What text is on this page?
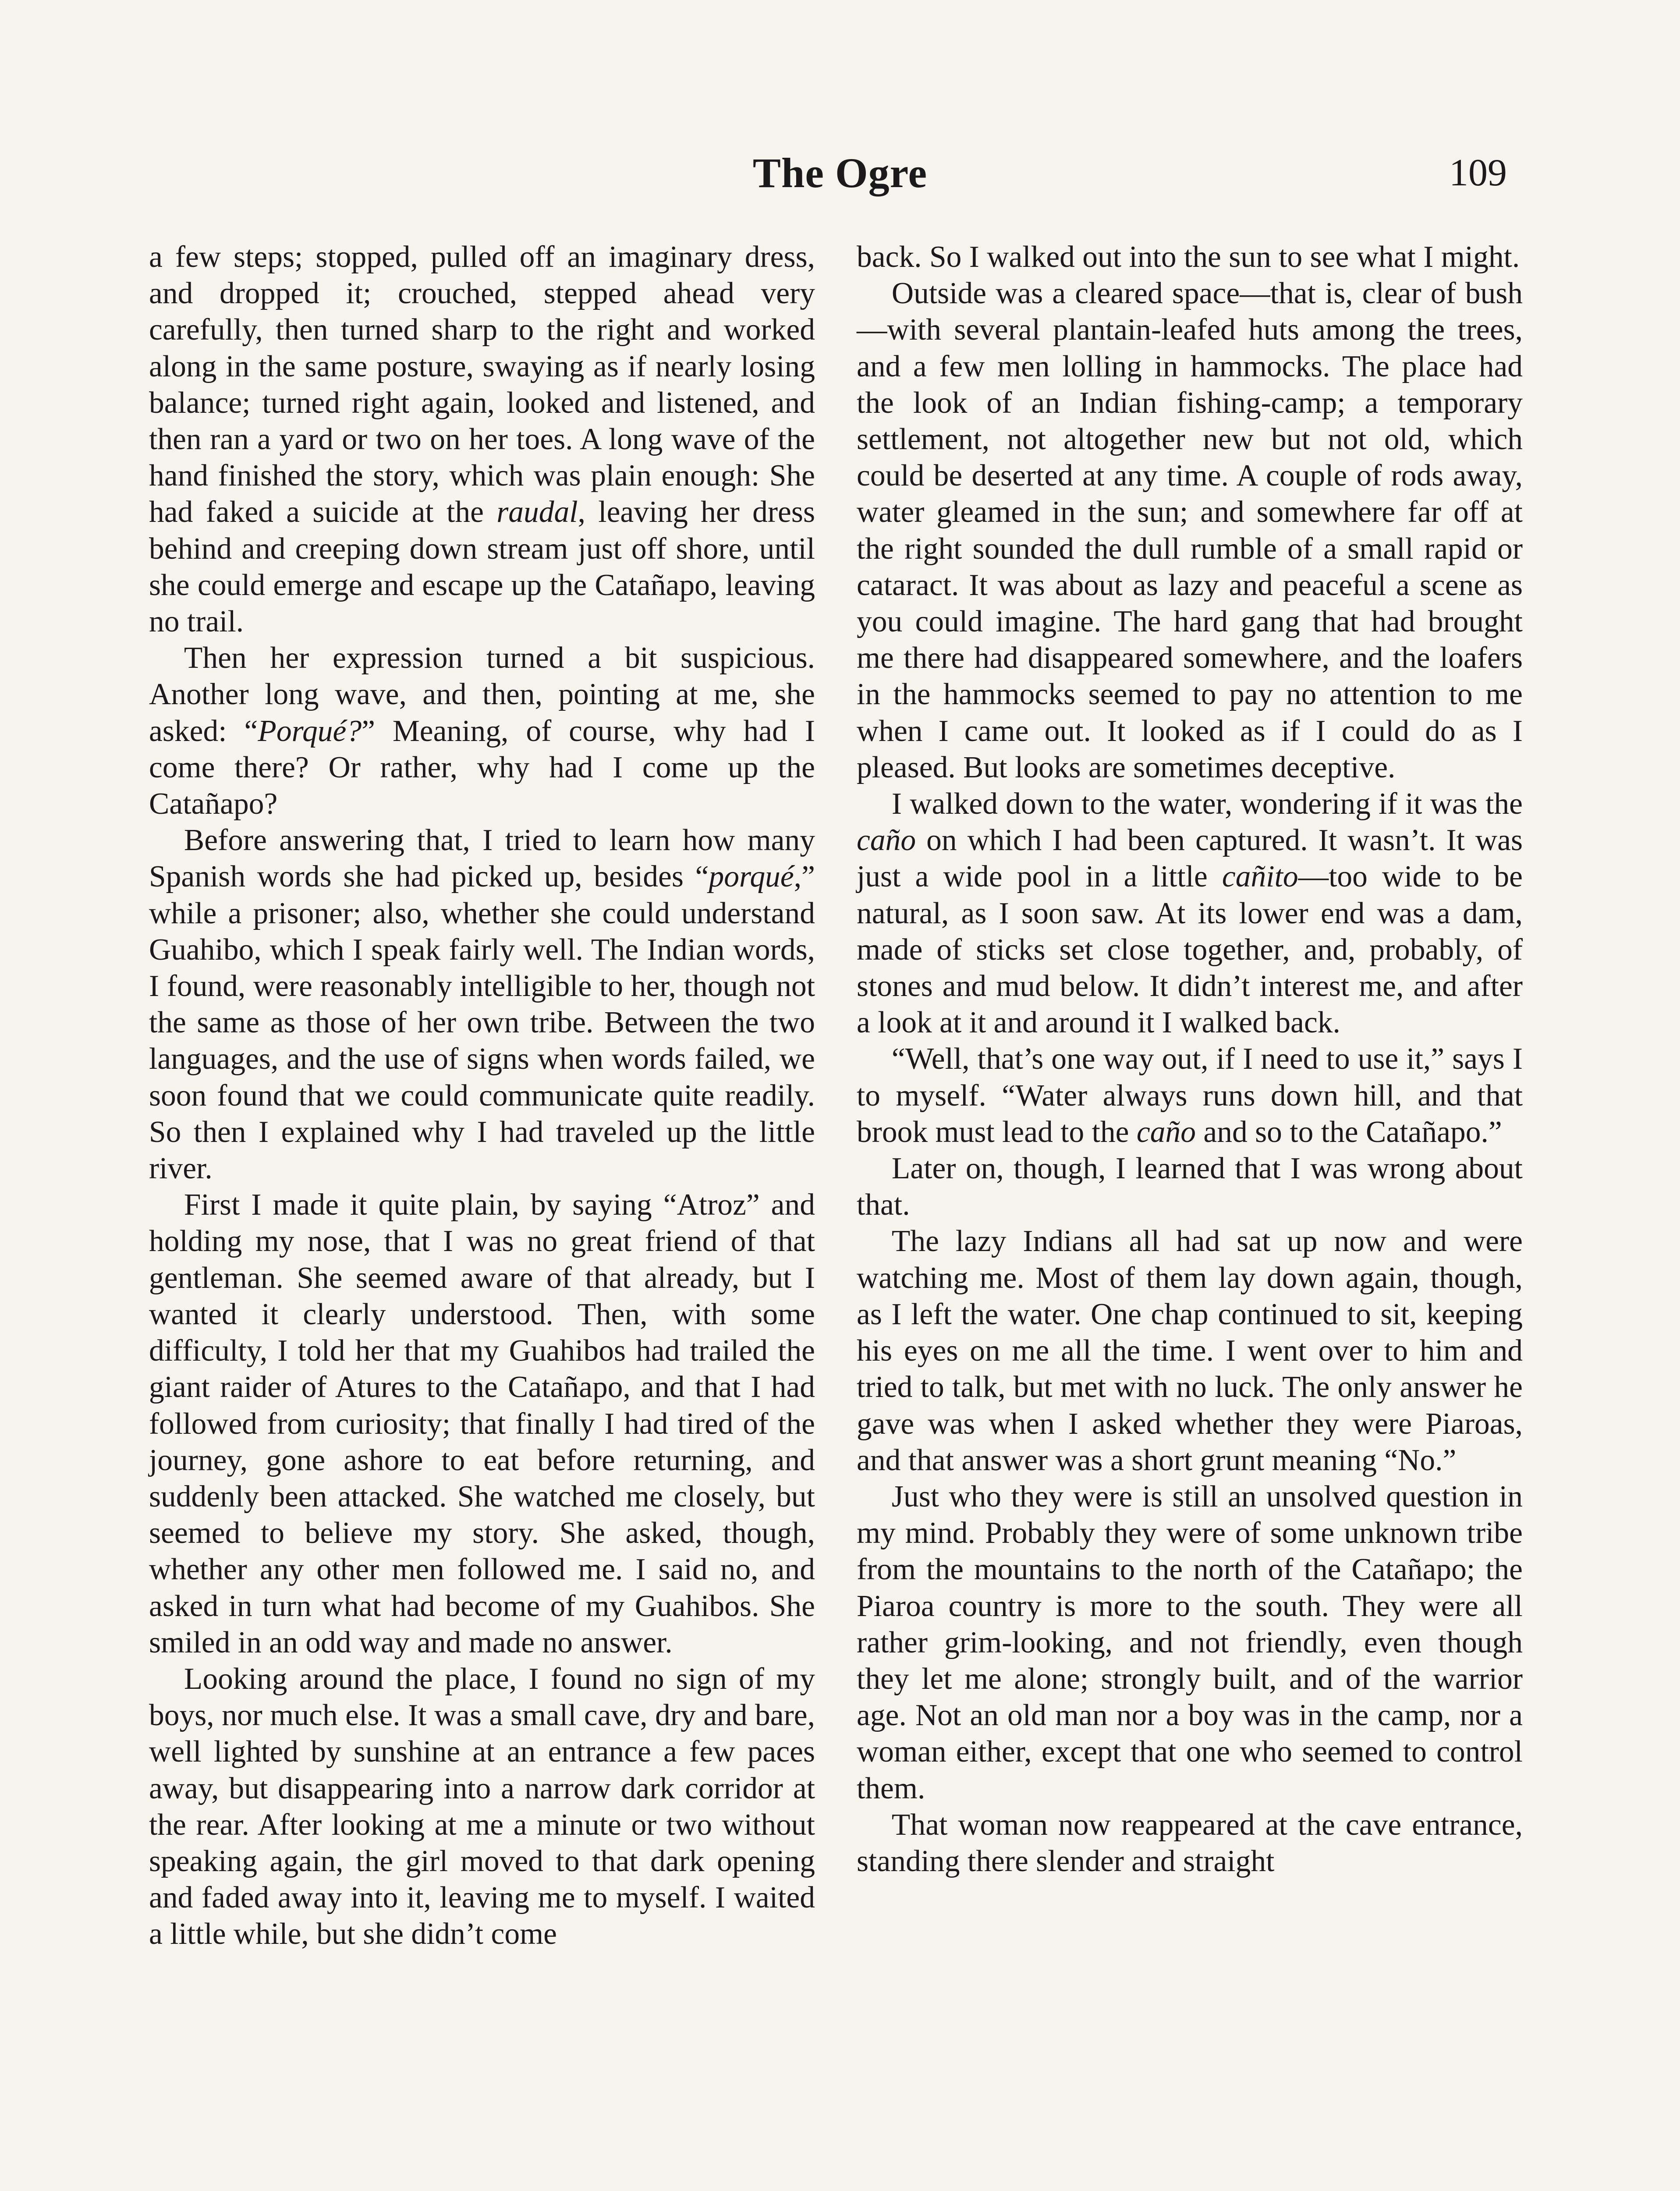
The Ogre	109

a few steps; stopped, pulled off an imaginary dress, and dropped it; crouched, stepped ahead very carefully, then turned sharp to the right and worked along in the same posture, swaying as if nearly losing balance; turned right again, looked and listened, and then ran a yard or two on her toes. A long wave of the hand finished the story, which was plain enough: She had faked a suicide at the raudal, leaving her dress behind and creeping down stream just off shore, until she could emerge and escape up the Catañapo, leaving no trail.

Then her expression turned a bit suspicious. Another long wave, and then, pointing at me, she asked: “Porqué?” Meaning, of course, why had I come there? Or rather, why had I come up the Catañapo?

Before answering that, I tried to learn how many Spanish words she had picked up, besides “porqué,” while a prisoner; also, whether she could understand Guahibo, which I speak fairly well. The Indian words, I found, were reasonably intelligible to her, though not the same as those of her own tribe. Between the two languages, and the use of signs when words failed, we soon found that we could communicate quite readily. So then I explained why I had traveled up the little river.

First I made it quite plain, by saying “Atroz” and holding my nose, that I was no great friend of that gentleman. She seemed aware of that already, but I wanted it clearly understood. Then, with some difficulty, I told her that my Guahibos had trailed the giant raider of Atures to the Catañapo, and that I had followed from curiosity; that finally I had tired of the journey, gone ashore to eat before returning, and suddenly been attacked. She watched me closely, but seemed to believe my story. She asked, though, whether any other men followed me. I said no, and asked in turn what had become of my Guahibos. She smiled in an odd way and made no answer.

Looking around the place, I found no sign of my boys, nor much else. It was a small cave, dry and bare, well lighted by sunshine at an entrance a few paces away, but disappearing into a narrow dark corridor at the rear. After looking at me a minute or two without speaking again, the girl moved to that dark opening and faded away into it, leaving me to myself. I waited a little while, but she didn’t come

back. So I walked out into the sun to see what I might.

Outside was a cleared space—that is, clear of bush—with several plantain-leafed huts among the trees, and a few men lolling in hammocks. The place had the look of an Indian fishing-camp; a temporary settlement, not altogether new but not old, which could be deserted at any time. A couple of rods away, water gleamed in the sun; and somewhere far off at the right sounded the dull rumble of a small rapid or cataract. It was about as lazy and peaceful a scene as you could imagine. The hard gang that had brought me there had disappeared somewhere, and the loafers in the hammocks seemed to pay no attention to me when I came out. It looked as if I could do as I pleased. But looks are sometimes deceptive.

I walked down to the water, wondering if it was the caño on which I had been captured. It wasn’t. It was just a wide pool in a little cañito—too wide to be natural, as I soon saw. At its lower end was a dam, made of sticks set close together, and, probably, of stones and mud below. It didn’t interest me, and after a look at it and around it I walked back.

“Well, that’s one way out, if I need to use it,” says I to myself. “Water always runs down hill, and that brook must lead to the caño and so to the Catañapo.”

Later on, though, I learned that I was wrong about that.

The lazy Indians all had sat up now and were watching me. Most of them lay down again, though, as I left the water. One chap continued to sit, keeping his eyes on me all the time. I went over to him and tried to talk, but met with no luck. The only answer he gave was when I asked whether they were Piaroas, and that answer was a short grunt meaning “No.”

Just who they were is still an unsolved question in my mind. Probably they were of some unknown tribe from the mountains to the north of the Catañapo; the Piaroa country is more to the south. They were all rather grim-looking, and not friendly, even though they let me alone; strongly built, and of the warrior age. Not an old man nor a boy was in the camp, nor a woman either, except that one who seemed to control them.

That woman now reappeared at the cave entrance, standing there slender and straight
